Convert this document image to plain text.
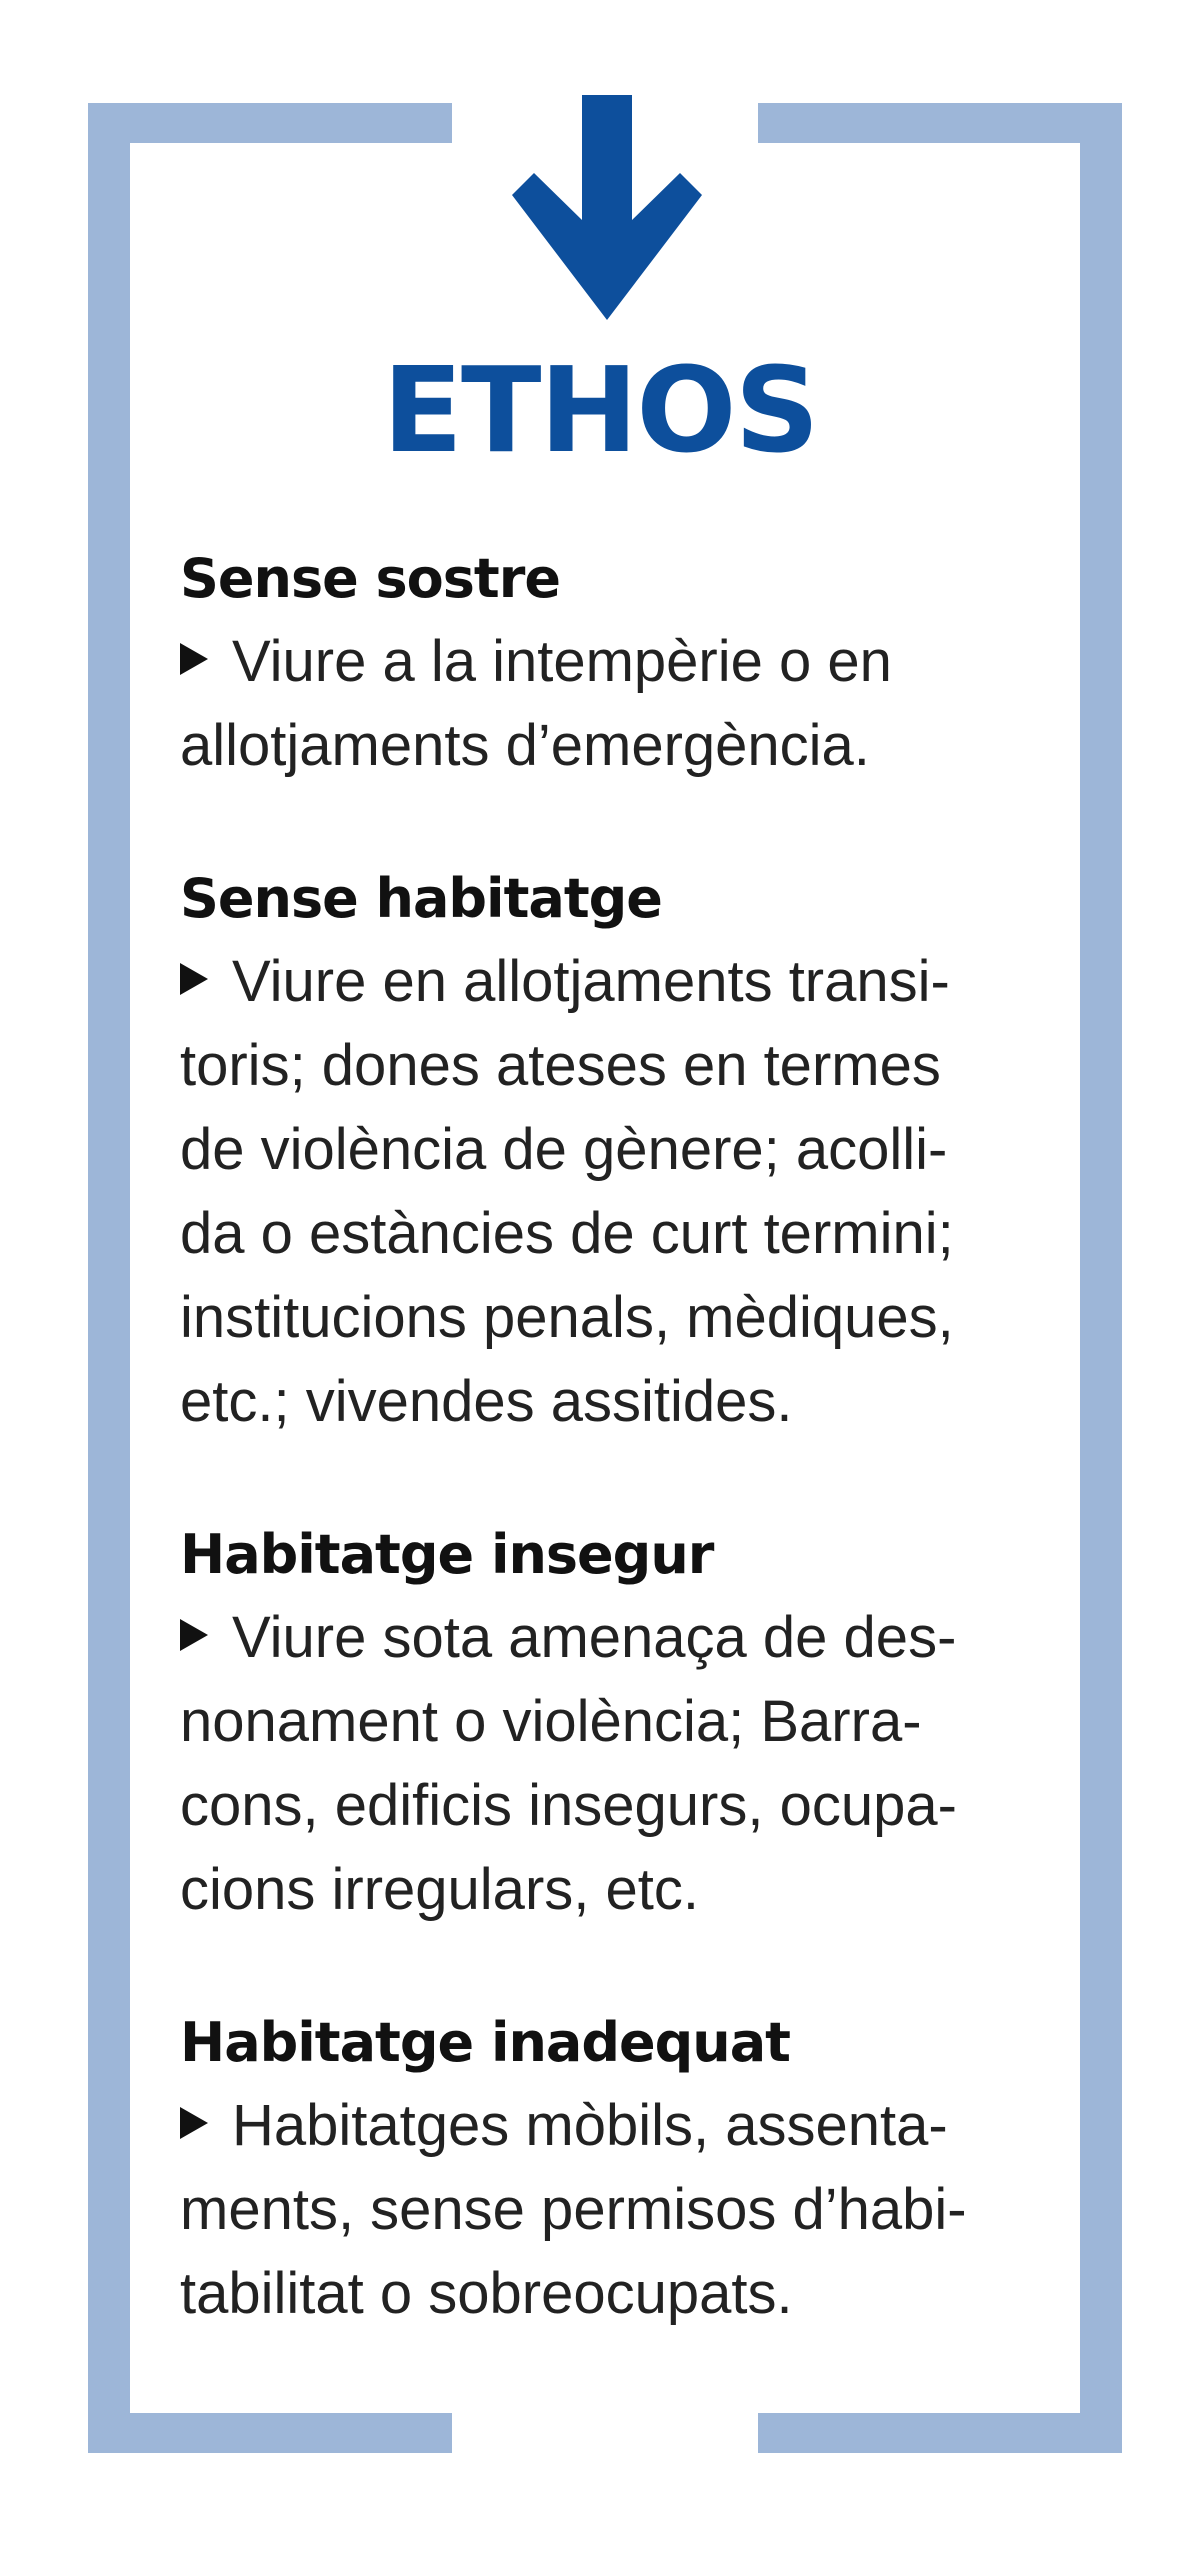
ETHOS
Sense sostre

Viure a la intempèrie o en
allotjaments d’emergència.

Sense habitatge

Viure en allotjaments transi-
toris; dones ateses en termes
de violència de gènere; acolli-
da o estàncies de curt termini;
institucions penals, mèdiques,
etc.; vivendes assitides.

Habitatge insegur

Viure sota amenaça de des-
nonament o violència; Barra-
cons, edificis insegurs, ocupa-
cions irregulars, etc.

Habitatge inadequat

Habitatges mòbils, assenta-
ments, sense permisos d’habi-
tabilitat o sobreocupats.
